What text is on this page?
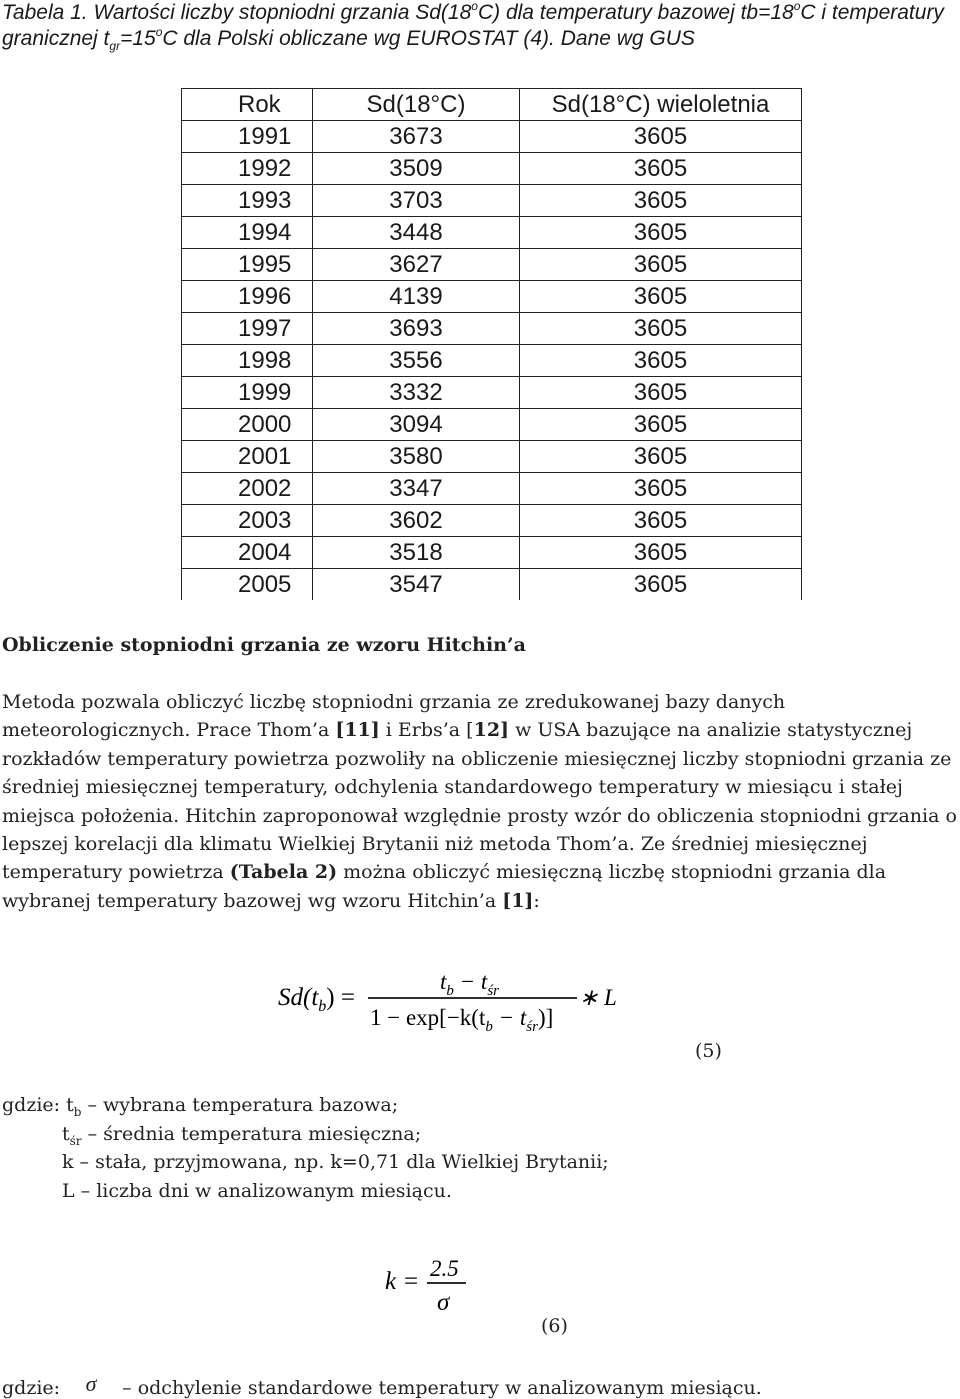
Tabela 1. Wartości liczby stopniodni grzania Sd(18$^o$C) dla temperatury bazowej $tb=18^oC$ i temperatury granicznej $t_{gr}=15^oC$ dla Polski obliczane wg EUROSTAT (4). Dane wg GUS
Rok	Sd(18°C)	Sd(18°C) wieloletnia
1991	3673	3605
1992	3509	3605
1993	3703	3605
1994	3448	3605
1995	3627	3605
1996	4139	3605
1997	3693	3605
1998	3556	3605
1999	3332	3605
2000	3094	3605
2001	3580	3605
2002	3347	3605
2003	3602	3605
2004	3518	3605
2005	3547	3605
Obliczenie stopniodni grzania ze wzoru Hitchin’a
Metoda pozwala obliczyć liczbę stopniodni grzania ze zredukowanej bazy danych meteorologicznych. Prace Thom’a [11] i Erbs’a [12] w USA bazujące na analizie statystycznej rozkładów temperatury powietrza pozwoliły na obliczenie miesięcznej liczby stopniodni grzania ze średniej miesięcznej temperatury, odchylenia standardowego temperatury w miesiącu i stałej miejsca położenia. Hitchin zaproponował względnie prosty wzór do obliczenia stopniodni grzania o lepszej korelacji dla klimatu Wielkiej Brytanii niż metoda Thom’a. Ze średniej miesięcznej temperatury powietrza (Tabela 2) można obliczyć miesięczną liczbę stopniodni grzania dla wybranej temperatury bazowej wg wzoru Hitchin’a [1]:
$Sd(t_b)$ =
$t_b - t_{śr}$
$1 - \exp[-k(t_b - t_{śr})]$
∗ L
(5)
gdzie: $t_b$ – wybrana temperatura bazowa;
$t_{śr}$ – średnia temperatura miesięczna;
k – stała, przyjmowana, np. k=0,71 dla Wielkiej Brytanii;
L – liczba dni w analizowanym miesiącu.
k = 2.5
σ
(6)
gdzie: σ – odchylenie standardowe temperatury w analizowanym miesiącu.
